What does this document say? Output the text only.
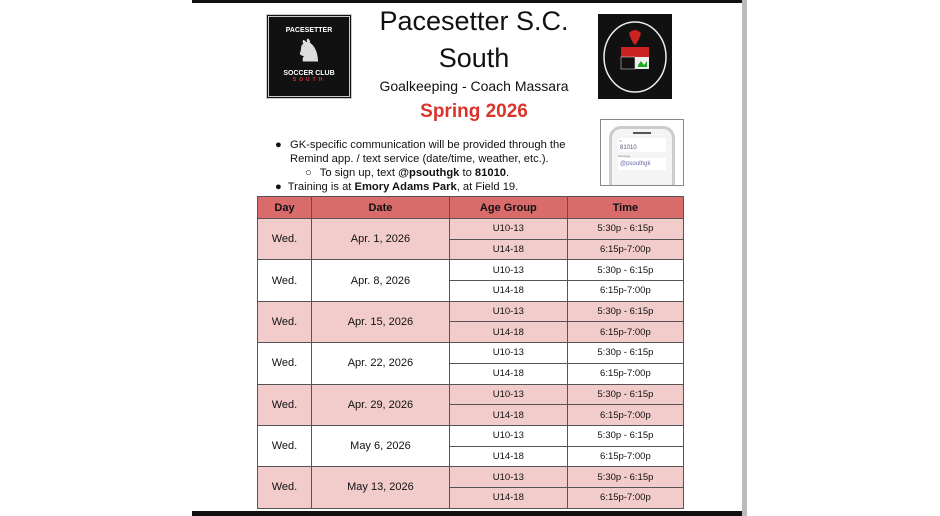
PACESETTER
♞
SOCCER CLUB
SOUTH
Pacesetter S.C.
South
Goalkeeping - Coach Massara
Spring 2026
To
81010
Message
@psouthgk
● GK-specific communication will be provided through the Remind app. / text service (date/time, weather, etc.).
○ To sign up, text @psouthgk to 81010.
● Training is at Emory Adams Park, at Field 19.
Day	Date	Age Group	Time
Wed.	Apr. 1, 2026	U10-13	5:30p - 6:15p
		U14-18	6:15p-7:00p
Wed.	Apr. 8, 2026	U10-13	5:30p - 6:15p
		U14-18	6:15p-7:00p
Wed.	Apr. 15, 2026	U10-13	5:30p - 6:15p
		U14-18	6:15p-7:00p
Wed.	Apr. 22, 2026	U10-13	5:30p - 6:15p
		U14-18	6:15p-7:00p
Wed.	Apr. 29, 2026	U10-13	5:30p - 6:15p
		U14-18	6:15p-7:00p
Wed.	May 6, 2026	U10-13	5:30p - 6:15p
		U14-18	6:15p-7:00p
Wed.	May 13, 2026	U10-13	5:30p - 6:15p
		U14-18	6:15p-7:00p
